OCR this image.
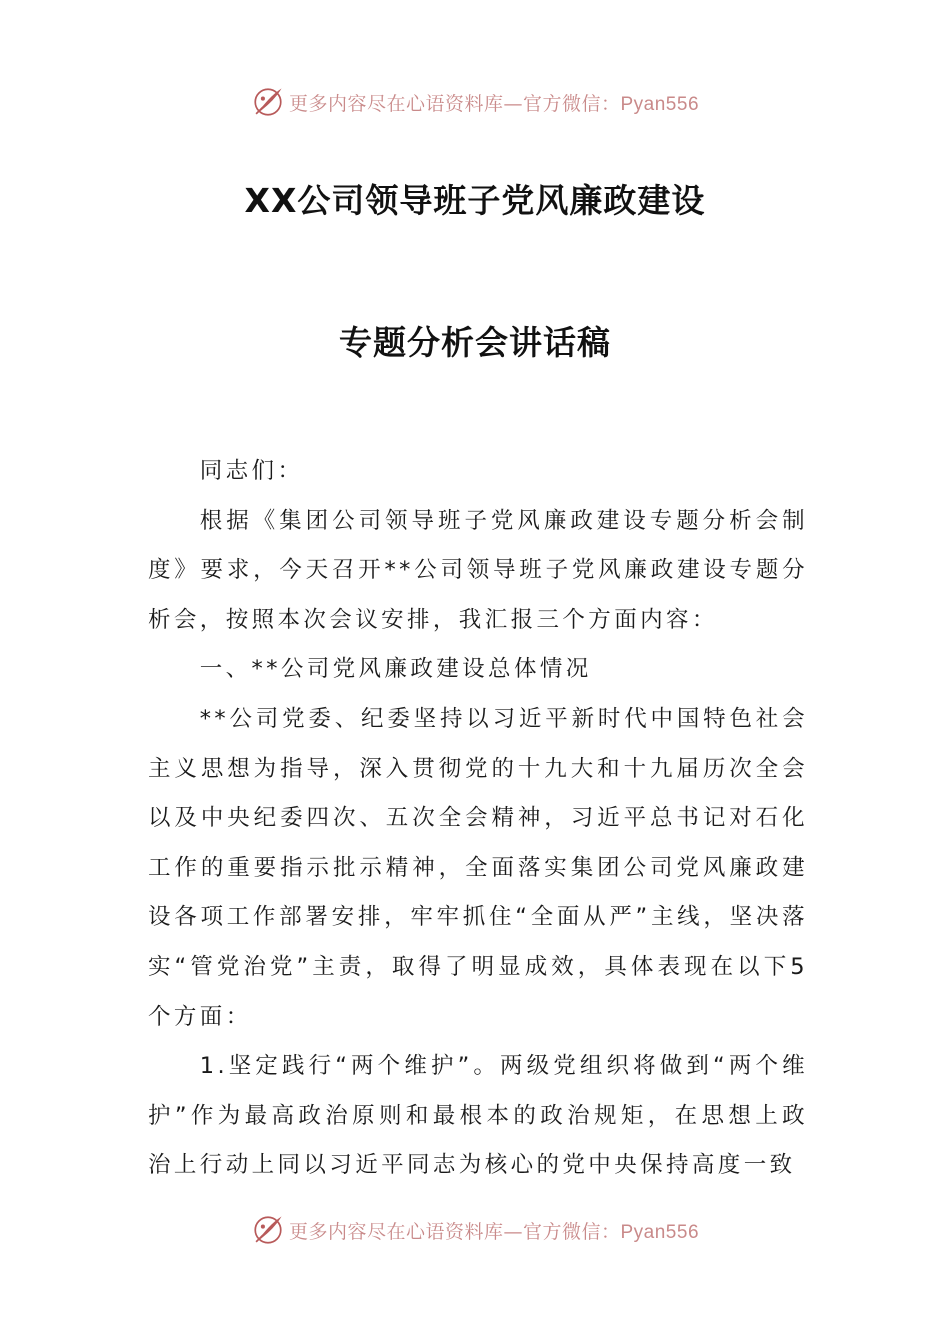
更多内容尽在心语资料库—官方微信：Pyan556
XX公司领导班子党风廉政建设
专题分析会讲话稿

同志们：

根据《集团公司领导班子党风廉政建设专题分析会制度》要求，今天召开**公司领导班子党风廉政建设专题分析会，按照本次会议安排，我汇报三个方面内容：

一、**公司党风廉政建设总体情况

**公司党委、纪委坚持以习近平新时代中国特色社会主义思想为指导，深入贯彻党的十九大和十九届历次全会以及中央纪委四次、五次全会精神，习近平总书记对石化工作的重要指示批示精神，全面落实集团公司党风廉政建设各项工作部署安排，牢牢抓住“全面从严”主线，坚决落实“管党治党”主责，取得了明显成效，具体表现在以下5个方面：

1.坚定践行“两个维护”。两级党组织将做到“两个维护”作为最高政治原则和最根本的政治规矩，在思想上政治上行动上同以习近平同志为核心的党中央保持高度一致

更多内容尽在心语资料库—官方微信：Pyan556
